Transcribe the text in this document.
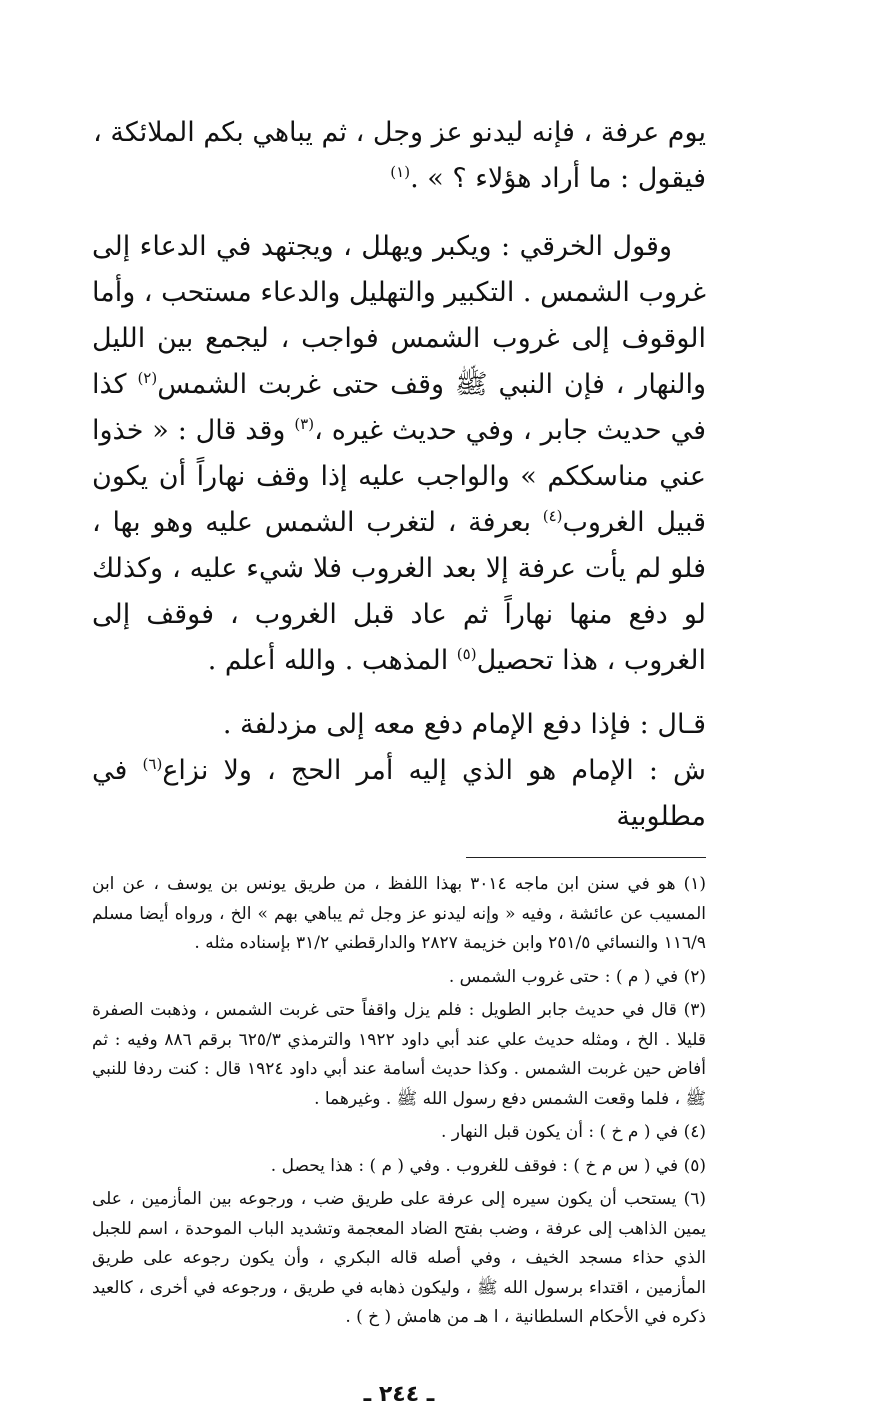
يوم عرفة ، فإنه ليدنو عز وجل ، ثم يباهي بكم الملائكة ،
فيقول : ما أراد هؤلاء ؟ » .$^{(١)}$

وقول الخرقي : ويكبر ويهلل ، ويجتهد في الدعاء إلى غروب الشمس . التكبير والتهليل والدعاء مستحب ، وأما الوقوف إلى غروب الشمس فواجب ، ليجمع بين الليل والنهار ، فإن النبي ﷺ وقف حتى غربت الشمس$^{(٢)}$ كذا في حديث جابر ، وفي حديث غيره ،$^{(٣)}$ وقد قال : « خذوا عني مناسككم » والواجب عليه إذا وقف نهاراً أن يكون قبيل الغروب$^{(٤)}$ بعرفة ، لتغرب الشمس عليه وهو بها ، فلو لم يأت عرفة إلا بعد الغروب فلا شيء عليه ، وكذلك لو دفع منها نهاراً ثم عاد قبل الغروب ، فوقف إلى الغروب ، هذا تحصيل$^{(٥)}$ المذهب . والله أعلم .

قـال : فإذا دفع الإمام دفع معه إلى مزدلفة .

ش : الإمام هو الذي إليه أمر الحج ، ولا نزاع$^{(٦)}$ في مطلوبية

(١) هو في سنن ابن ماجه ٣٠١٤ بهذا اللفظ ، من طريق يونس بن يوسف ، عن ابن المسيب عن عائشة ، وفيه « وإنه ليدنو عز وجل ثم يباهي بهم » الخ ، ورواه أيضا مسلم ١١٦/٩ والنسائي ٢٥١/٥ وابن خزيمة ٢٨٢٧ والدارقطني ٣١/٢ بإسناده مثله .

(٢) في ( م ) : حتى غروب الشمس .

(٣) قال في حديث جابر الطويل : فلم يزل واقفاً حتى غربت الشمس ، وذهبت الصفرة قليلا . الخ ، ومثله حديث علي عند أبي داود ١٩٢٢ والترمذي ٦٢٥/٣ برقم ٨٨٦ وفيه : ثم أفاض حين غربت الشمس . وكذا حديث أسامة عند أبي داود ١٩٢٤ قال : كنت ردفا للنبي ﷺ ، فلما وقعت الشمس دفع رسول الله ﷺ . وغيرهما .

(٤) في ( م خ ) : أن يكون قبل النهار .

(٥) في ( س م خ ) : فوقف للغروب . وفي ( م ) : هذا يحصل .

(٦) يستحب أن يكون سيره إلى عرفة على طريق ضب ، ورجوعه بين المأزمين ، على يمين الذاهب إلى عرفة ، وضب بفتح الضاد المعجمة وتشديد الباب الموحدة ، اسم للجبل الذي حذاء مسجد الخيف ، وفي أصله قاله البكري ، وأن يكون رجوعه على طريق المأزمين ، اقتداء برسول الله ﷺ ، وليكون ذهابه في طريق ، ورجوعه في أخرى ، كالعيد ذكره في الأحكام السلطانية ، ا هـ من هامش ( خ ) .

ـ ٢٤٤ ـ
